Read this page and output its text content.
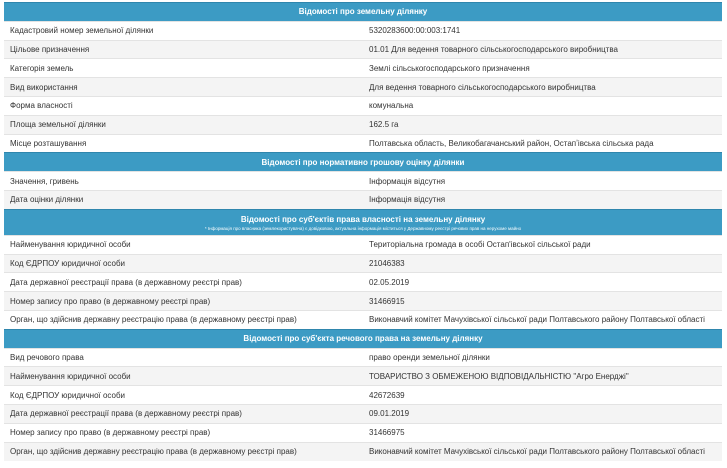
Відомості про земельну ділянку	
Кадастровий номер земельної ділянки	5320283600:00:003:1741
Цільове призначення	01.01 Для ведення товарного сільськогосподарського виробництва
Категорія земель	Землі сільськогосподарського призначення
Вид використання	Для ведення товарного сільськогосподарського виробництва
Форма власності	комунальна
Площа земельної ділянки	162.5 га
Місце розташування	Полтавська область, Великобагачанський район, Остапʼівська сільська рада
Відомості про нормативно грошову оцінку ділянки	
Значення, гривень	Інформація відсутня
Дата оцінки ділянки	Інформація відсутня
Відомості про суб'єктів права власності на земельну ділянку
* Інформація про власника (землекористувача) є довідковою, актуальна інформація міститься у Державному реєстрі речових прав на нерухоме майно	

Найменування юридичної особи	Територіальна громада в особі Остап'івської сільської ради
Код ЄДРПОУ юридичної особи	21046383
Дата державної реєстрації права (в державному реєстрі прав)	02.05.2019
Номер запису про право (в державному реєстрі прав)	31466915
Орган, що здійснив державну реєстрацію права (в державному реєстрі прав)	Виконавчий комітет Мачухівської сільської ради Полтавського району Полтавської області
Відомості про суб'єкта речового права на земельну ділянку	
Вид речового права	право оренди земельної ділянки
Найменування юридичної особи	ТОВАРИСТВО З ОБМЕЖЕНОЮ ВІДПОВІДАЛЬНІСТЮ "Агро Енерджі"
Код ЄДРПОУ юридичної особи	42672639
Дата державної реєстрації права (в державному реєстрі прав)	09.01.2019
Номер запису про право (в державному реєстрі прав)	31466975
Орган, що здійснив державну реєстрацію права (в державному реєстрі прав)	Виконавчий комітет Мачухівської сільської ради Полтавського району Полтавської області
